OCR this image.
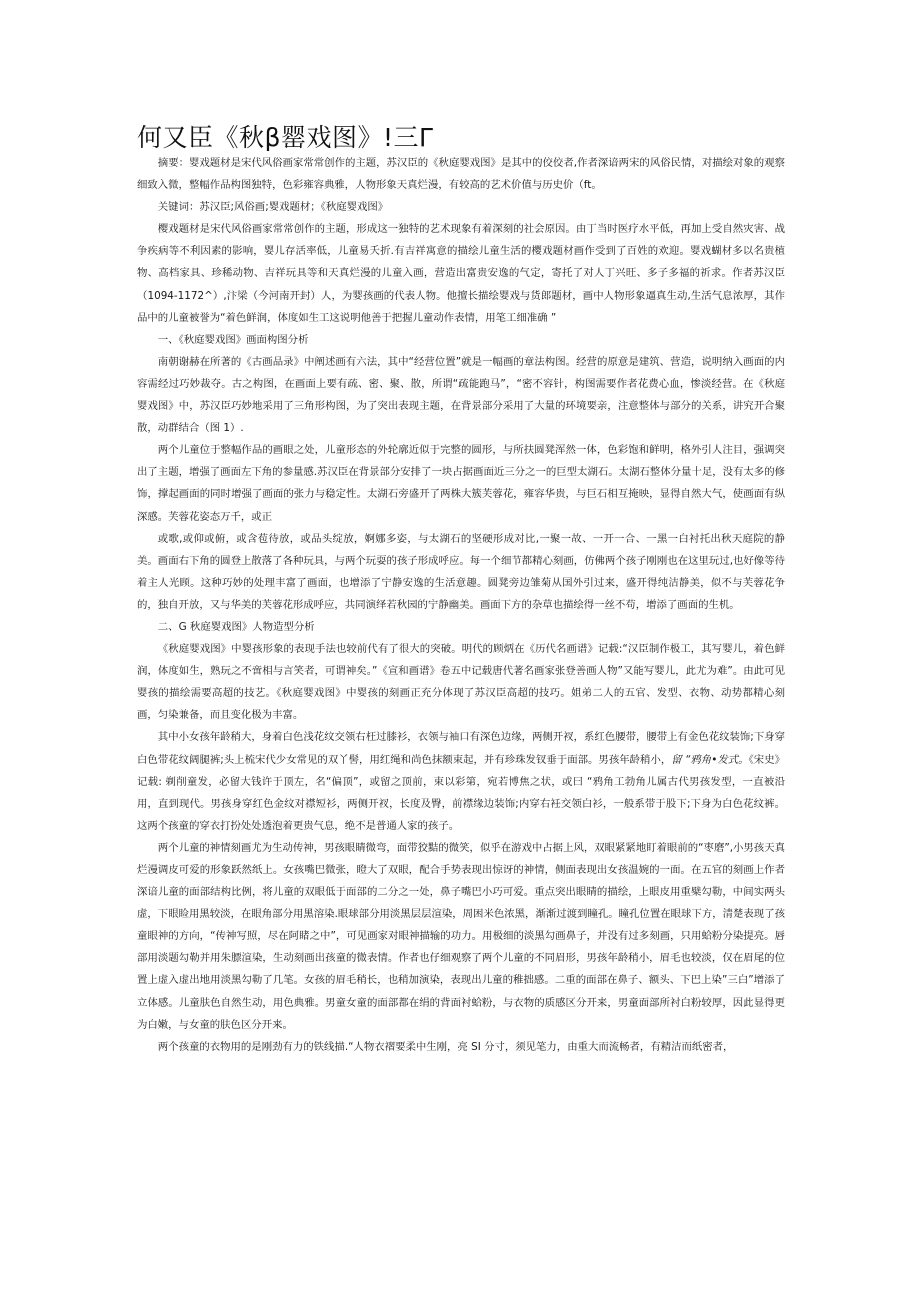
何又臣《秋β罂戏图》!三Γ

摘要：婴戏题材是宋代风俗画家常常创作的主题，苏汉臣的《秋庭婴戏图》是其中的佼佼者,作者深谙两宋的风俗民情，对描绘对象的观察细致入微，整幅作品构图独特，色彩雍容典雅，人物形象天真烂漫，有较高的艺术价值与历史价（ft。

关键词：苏汉臣;风俗画;婴戏题材；《秋庭婴戏图》

樱戏题材是宋代风俗画家常常创作的主题，形成这一独特的艺术现象有着深刻的社会原因。由丁当时医疗水平低，再加上受自然灾害、战争疾病等不利因素的影响，婴儿存活率低，儿童易夭折.有吉祥寓意的描绘儿童生活的樱戏题材画作受到了百姓的欢迎。婴戏蝴材多以名贵植物、高档家具、珍稀动物、吉祥玩具等和天真烂漫的儿童入画，营造出富贵安逸的气定，寄托了对人丁兴旺、多子多福的祈求。作者苏汉臣（1094-1172^）,汴梁（今河南开封）人，为婴孩画的代表人物。他擅长描绘婴戏与货郎题材，画中人物形象逼真生动,生活气息浓厚，其作品中的儿童被誉为“着色鲜润，体度如生工这说明他善于把握儿童动作表情，用笔工细准确 ”

一、《秋庭婴戏图》画面构图分析

南朝谢赫在所著的《古画品录》中阐述画有六法，其中“经营位置”就是一幅画的章法构图。经营的原意是建筑、营造，说明纳入画面的内容需经过巧妙裁夺。古之构图，在画面上要有疏、密、聚、散，所谓“疏能跑马”，“密不容针，构图需要作者花费心血，惨淡经营。在《秋庭婴戏图》中，苏汉臣巧妙地采用了三角形构图，为了突出表现主题，在背景部分采用了大量的环境要亲，注意整体与部分的关系，讲究开合聚散，动群结合（图 1）.

两个儿童位于整幅作品的画眼之处，儿童形态的外轮廓近似于完整的圆形，与所扶圆凳浑然一体，色彩饱和鲜明，格外引人注目，强调突出了主题，增强了画面左下角的参量感.苏汉臣在背景部分安排了一块占据画面近三分之一的巨型太湖石。太湖石整体分量十足，没有太多的修饰，撑起画面的同时增强了画面的张力与稳定性。太湖石旁盛开了两株大簇芙蓉花，雍容华贵，与巨石相互掩映，显得自然大气，使画面有纵深感。芙蓉花姿态万千，或正

或歌,或仰或俯，或含苞待放，或品头绽放，婀娜多姿，与太湖石的坚硬形成对比,一聚一故、一开一合、一黑一白衬托出秋天庭院的静美。画面右下角的圆登上散落了各种玩具，与两个玩耍的孩子形成呼应。每一个细节都精心刻画，仿佛两个孩子刚刚也在这里玩过,也好像等待着主人光顾。这种巧妙的处理丰富了画面，也增添了宁静安逸的生活意趣。圆凳旁边雏菊从国外引过来，盛开得纯洁静美，似不与芙蓉花争的，独自开放，又与华美的芙蓉花形成呼应，共同演绎若秋园的宁静幽美。画面下方的杂草也描绘得一丝不苟，增添了画面的生机。

二、G 秋庭婴戏图》人物造型分析

《秋庭婴戏图》中婴孩形象的表现手法也较前代有了很大的突破。明代的顾炳在《历代名画谱》记载:“汉臣制作极工，其写婴儿，着色鲜润，体度如生，熟玩之不啻相与言笑者，可谓神矣。”《宣和画谱》卷五中记载唐代著名画家张登善画人物”又能写婴儿，此尤为难”。由此可见婴孩的描绘需要高超的技艺。《秋庭婴戏图》中婴孩的刻画正充分体现了苏汉臣高超的技巧。姐弟二人的五官、发型、衣物、动势都精心刻画，匀染兼备，而且变化极为丰富。

其中小女孩年龄稍大，身着白色浅花纹交领右枉过膝衫，衣领与袖口有深色边缘，两侧开衩，系红色腰带，腰带上有金色花纹装饰;下身穿白色带花纹阔腿裤;头上梳宋代少女常见的双丫髻，用红绳和尚色抹额束起，并有珍珠发钗垂于面部。男孩年龄稍小，留 “鸦角•发式。《宋史》记载: 剃削童发，必留大钱许于顶左，名“偏顶”，或留之顶前，束以彩第，宛若博焦之状，或曰 “鸦角工勃角儿属古代男孩发型，一直被沿用，直到现代。男孩身穿红色金纹对襟短衫，两侧开衩，长度及臀，前襟缘边装饰;内穿右衽交领白衫，一般系带于股下;下身为白色花纹裤。这两个孩童的穿衣打扮处处透泡着更贵气息，绝不是普通人家的孩子。

两个儿童的神情刻画尤为生动传神，男孩眼睛微弯，面带狡黠的微笑，似乎在游戏中占据上风，双眼紧紧地盯着眼前的“枣磨”,小男孩天真烂漫调皮可爱的形象跃然纸上。女孩嘴巴微张，瞪大了双眼，配合手势表现出惊讶的神情，侧面表现出女孩温婉的一面。在五官的刻画上作者深谙儿童的面部结构比例，将儿童的双眼低于面部的二分之一处，鼻子嘴巴小巧可爱。重点突出眼睛的描绘，上眼皮用重檗勾勒，中间实两头虚，下眼睑用黑较淡，在眼角部分用黑溶染.眼球部分用淡黑层层渲染，周困米色浓黑，渐渐过渡到瞳孔。瞳孔位置在眼球下方，清楚表现了孩童眼神的方向，“传神写照，尽在阿睹之中”，可见画家对眼神描输的功力。用极细的淡黑勾画鼻子，并没有过多刻画，只用蛤粉分染提亮。唇部用淡题勾勒并用朱膘渲染，生动刻画出孩童的微表情。作者也仔细观察了两个儿童的不同眉形，男孩年龄稍小，眉毛也较淡，仅在眉尾的位置上虚入虚出地用淡黑勾勒了几笔。女孩的眉毛稍长，也稍加演染，表现出儿童的稚拙感。二重的面部在鼻子、额头、下巴上染”三白”增添了立体感。儿童肤色自然生动，用色典雅。男童女童的面部都在绢的背面衬蛤粉，与衣物的质感区分开来，男童面部所衬白粉较厚，因此显得更为白嫩，与女童的肤色区分开来。

两个孩童的衣物用的是刚劲有力的铁线描.“人物衣褶要柔中生刚，亮 SI 分寸，须见笔力，由重大而流畅者，有精洁而纸密者，
